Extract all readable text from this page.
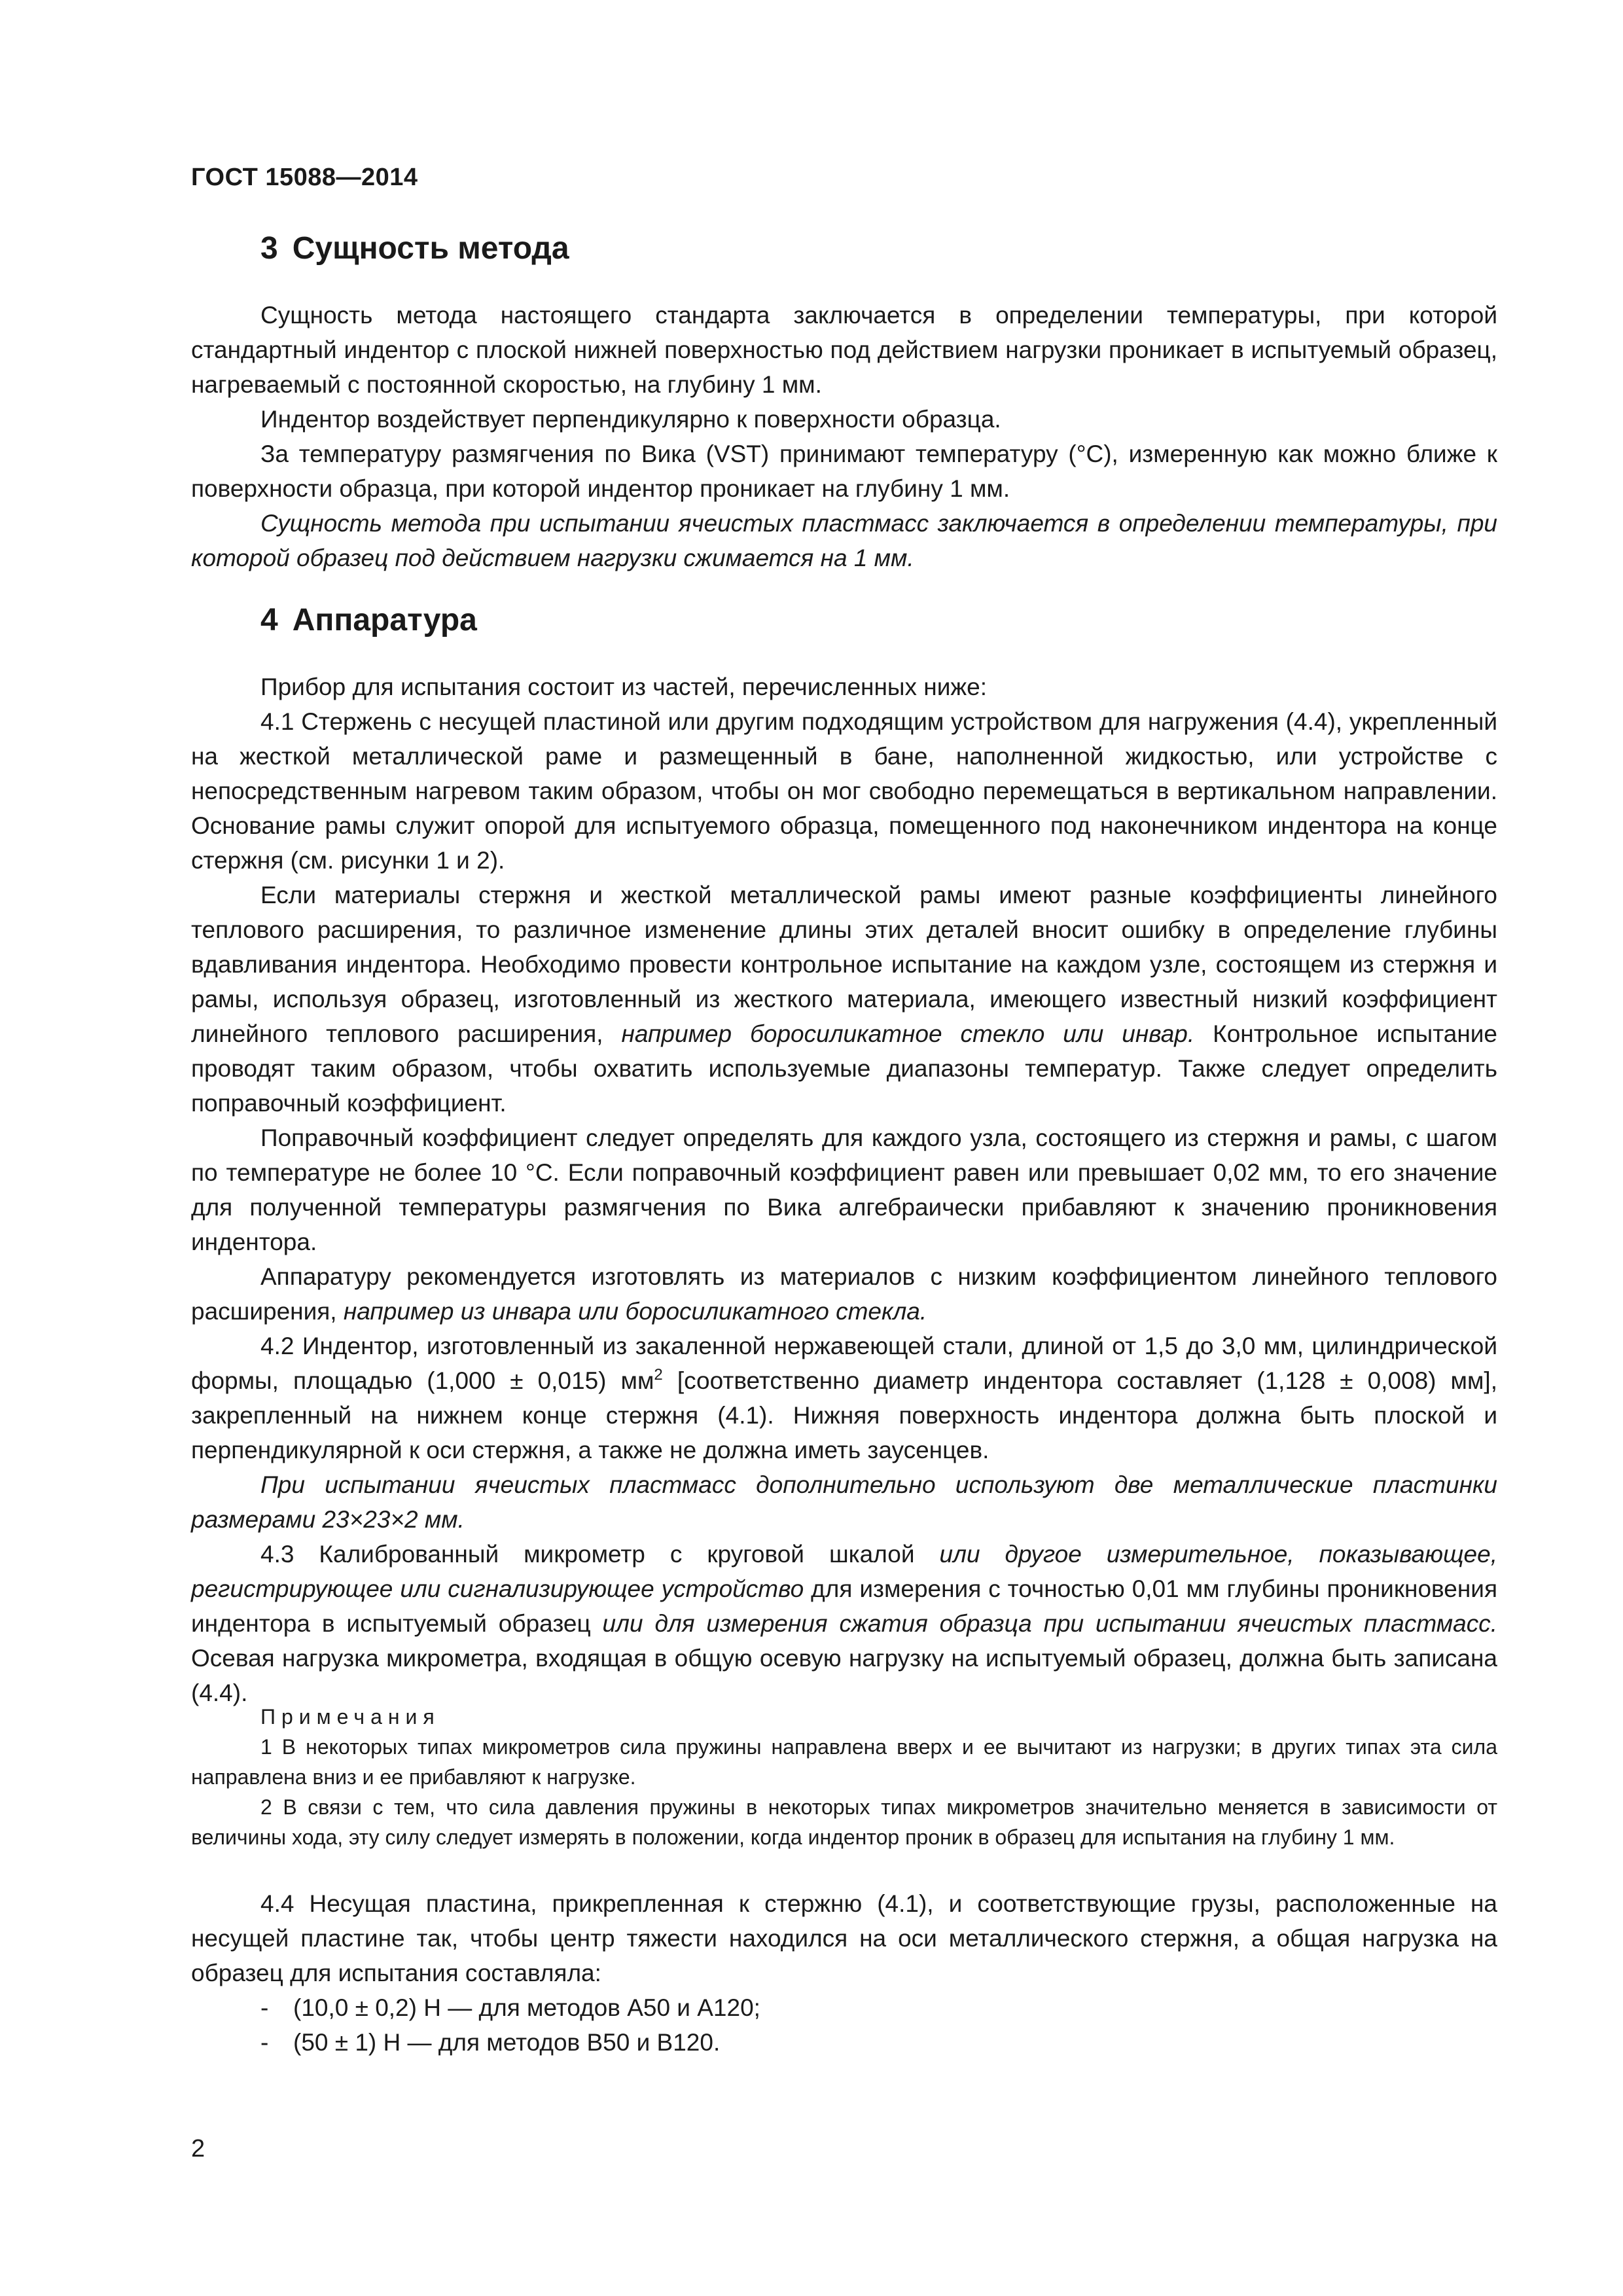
ГОСТ 15088—2014
3 Сущность метода

Сущность метода настоящего стандарта заключается в определении температуры, при которой стандартный индентор с плоской нижней поверхностью под действием нагрузки проникает в испытуемый образец, нагреваемый с постоянной скоростью, на глубину 1 мм.

Индентор воздействует перпендикулярно к поверхности образца.

За температуру размягчения по Вика (VST) принимают температуру (°C), измеренную как можно ближе к поверхности образца, при которой индентор проникает на глубину 1 мм.

Сущность метода при испытании ячеистых пластмасс заключается в определении температуры, при которой образец под действием нагрузки сжимается на 1 мм.

4 Аппаратура

Прибор для испытания состоит из частей, перечисленных ниже:

4.1 Стержень с несущей пластиной или другим подходящим устройством для нагружения (4.4), укрепленный на жесткой металлической раме и размещенный в бане, наполненной жидкостью, или устройстве с непосредственным нагревом таким образом, чтобы он мог свободно перемещаться в вертикальном направлении. Основание рамы служит опорой для испытуемого образца, помещенного под наконечником индентора на конце стержня (см. рисунки 1 и 2).

Если материалы стержня и жесткой металлической рамы имеют разные коэффициенты линейного теплового расширения, то различное изменение длины этих деталей вносит ошибку в определение глубины вдавливания индентора. Необходимо провести контрольное испытание на каждом узле, состоящем из стержня и рамы, используя образец, изготовленный из жесткого материала, имеющего известный низкий коэффициент линейного теплового расширения, например боросиликатное стекло или инвар. Контрольное испытание проводят таким образом, чтобы охватить используемые диапазоны температур. Также следует определить поправочный коэффициент.

Поправочный коэффициент следует определять для каждого узла, состоящего из стержня и рамы, с шагом по температуре не более 10 °C. Если поправочный коэффициент равен или превышает 0,02 мм, то его значение для полученной температуры размягчения по Вика алгебраически прибавляют к значению проникновения индентора.

Аппаратуру рекомендуется изготовлять из материалов с низким коэффициентом линейного теплового расширения, например из инвара или боросиликатного стекла.

4.2 Индентор, изготовленный из закаленной нержавеющей стали, длиной от 1,5 до 3,0 мм, цилиндрической формы, площадью (1,000 ± 0,015) $мм^2$ [соответственно диаметр индентора составляет (1,128 ± 0,008) мм], закрепленный на нижнем конце стержня (4.1). Нижняя поверхность индентора должна быть плоской и перпендикулярной к оси стержня, а также не должна иметь заусенцев.

При испытании ячеистых пластмасс дополнительно используют две металлические пластинки размерами 23×23×2 мм.

4.3 Калиброванный микрометр с круговой шкалой или другое измерительное, показывающее, регистрирующее или сигнализирующее устройство для измерения с точностью 0,01 мм глубины проникновения индентора в испытуемый образец или для измерения сжатия образца при испытании ячеистых пластмасс. Осевая нагрузка микрометра, входящая в общую осевую нагрузку на испытуемый образец, должна быть записана (4.4).

Примечания

1 В некоторых типах микрометров сила пружины направлена вверх и ее вычитают из нагрузки; в других типах эта сила направлена вниз и ее прибавляют к нагрузке.

2 В связи с тем, что сила давления пружины в некоторых типах микрометров значительно меняется в зависимости от величины хода, эту силу следует измерять в положении, когда индентор проник в образец для испытания на глубину 1 мм.

4.4 Несущая пластина, прикрепленная к стержню (4.1), и соответствующие грузы, расположенные на несущей пластине так, чтобы центр тяжести находился на оси металлического стержня, а общая нагрузка на образец для испытания составляла:

- (10,0 ± 0,2) Н — для методов А50 и А120;
- (50 ± 1) Н — для методов В50 и В120.
2
